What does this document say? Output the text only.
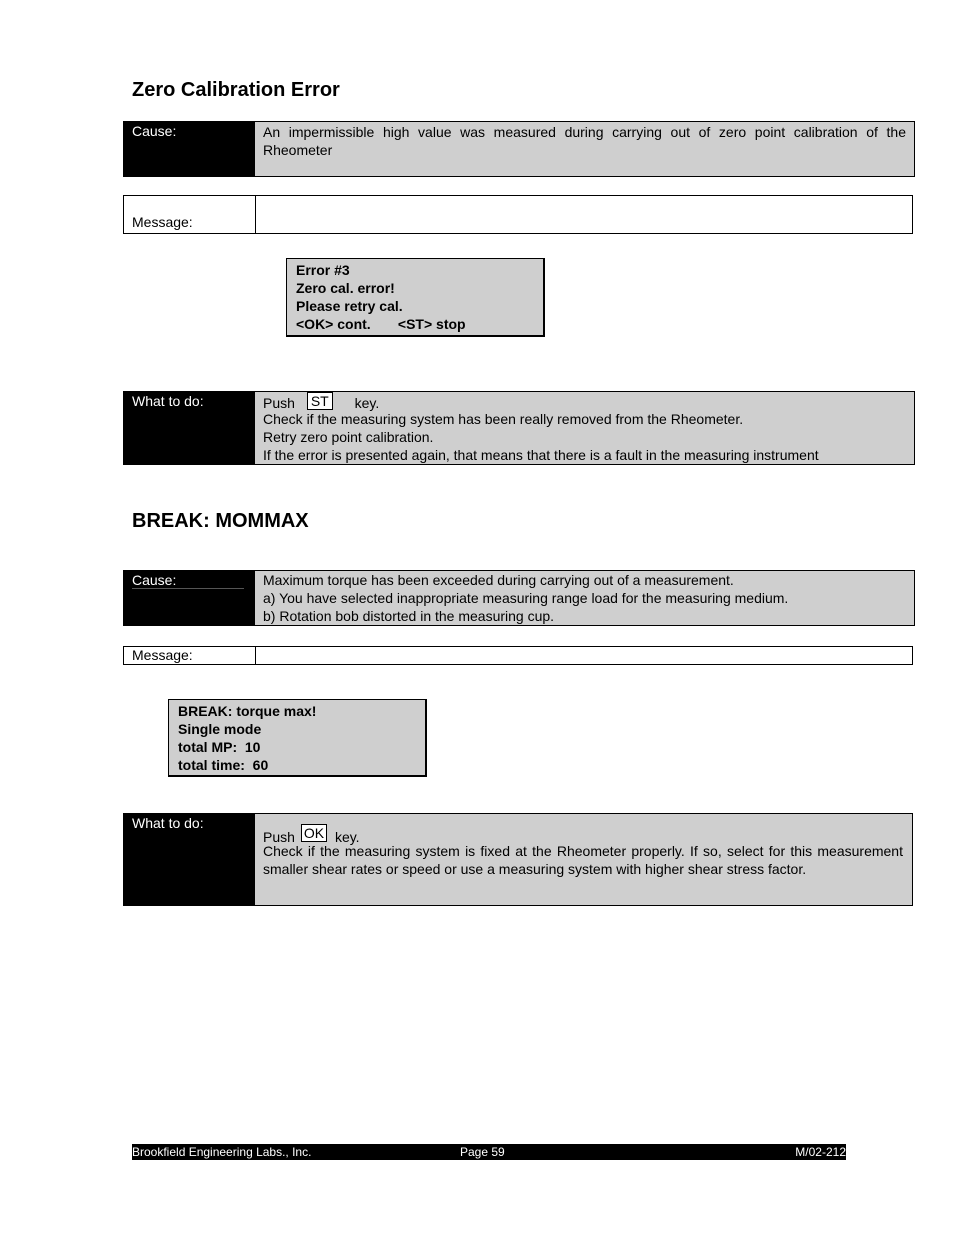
Zero Calibration Error
Cause:	An impermissible high value was measured during carrying out of zero point calibration of the Rheometer
Message:
Error #3
Zero cal. error!
Please retry cal.
<OK> cont.       <ST> stop
What to do:	Push ST key.
Check if the measuring system has been really removed from the Rheometer.
Retry zero point calibration.
If the error is presented again, that means that there is a fault in the measuring instrument
BREAK: MOMMAX
Cause:	Maximum torque has been exceeded during carrying out of a measurement.
a) You have selected inappropriate measuring range load for the measuring medium.
b) Rotation bob distorted in the measuring cup.
Message:
BREAK: torque max!
Single mode
total MP:  10
total time:  60
What to do:
Push OK key.
Check if the measuring system is fixed at the Rheometer properly. If so, select for this measurement smaller shear rates or speed or use a measuring system with higher shear stress factor.
Brookfield Engineering Labs., Inc.	Page 59	M/02-212
